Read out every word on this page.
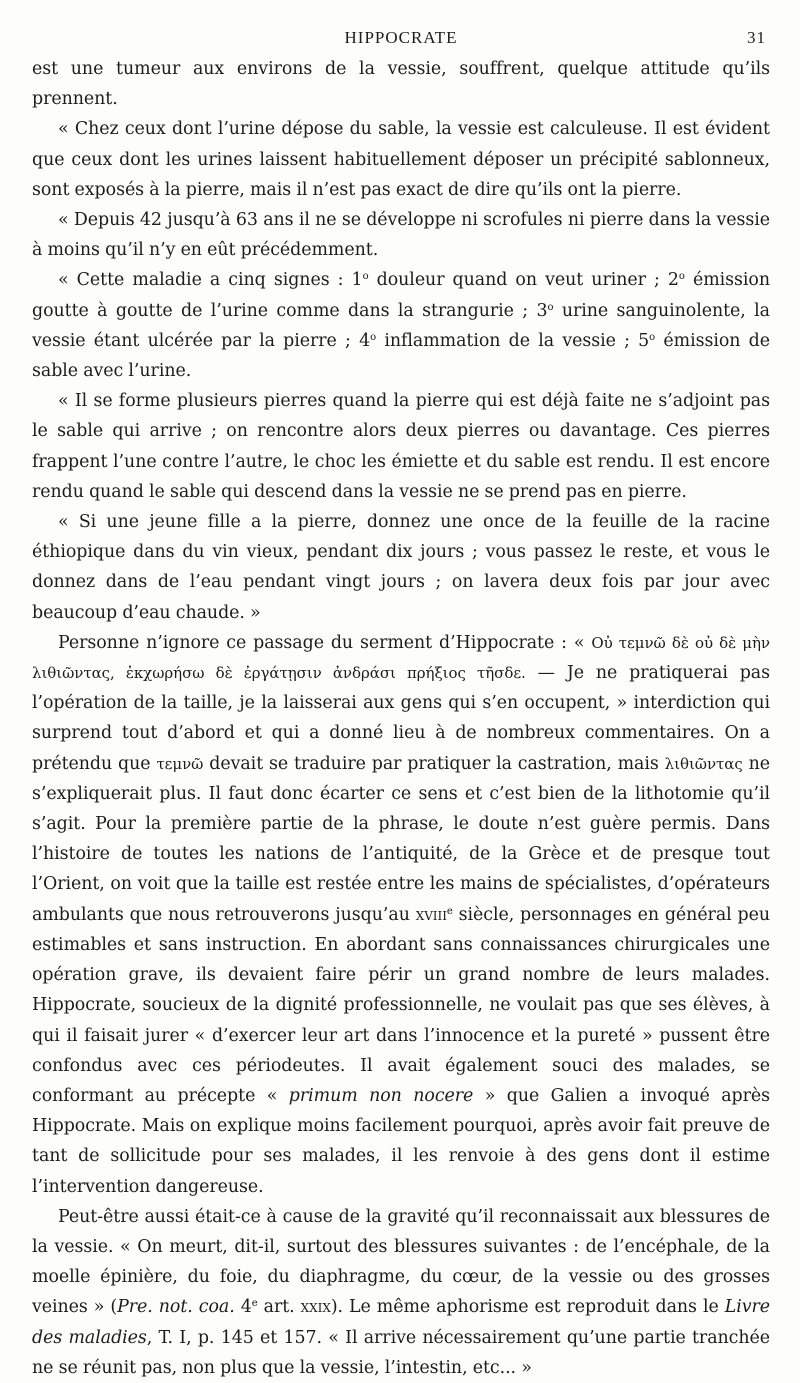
HIPPOCRATE	31

est une tumeur aux environs de la vessie, souffrent, quelque attitude qu’ils prennent.

« Chez ceux dont l’urine dépose du sable, la vessie est calculeuse. Il est évident que ceux dont les urines laissent habituellement déposer un précipité sablonneux, sont exposés à la pierre, mais il n’est pas exact de dire qu’ils ont la pierre.

« Depuis 42 jusqu’à 63 ans il ne se développe ni scrofules ni pierre dans la vessie à moins qu’il n’y en eût précédemment.

« Cette maladie a cinq signes : 1$^o$ douleur quand on veut uriner ; 2$^o$ émission goutte à goutte de l’urine comme dans la strangurie ; 3$^o$ urine sanguinolente, la vessie étant ulcérée par la pierre ; 4$^o$ inflammation de la vessie ; 5$^o$ émission de sable avec l’urine.

« Il se forme plusieurs pierres quand la pierre qui est déjà faite ne s’adjoint pas le sable qui arrive ; on rencontre alors deux pierres ou davantage. Ces pierres frappent l’une contre l’autre, le choc les émiette et du sable est rendu. Il est encore rendu quand le sable qui descend dans la vessie ne se prend pas en pierre.

« Si une jeune fille a la pierre, donnez une once de la feuille de la racine éthiopique dans du vin vieux, pendant dix jours ; vous passez le reste, et vous le donnez dans de l’eau pendant vingt jours ; on lavera deux fois par jour avec beaucoup d’eau chaude. »

Personne n’ignore ce passage du serment d’Hippocrate : « Οὐ τεμνῶ δὲ οὐ δὲ μὴν λιθιῶντας, ἐκχωρήσω δὲ ἐργάτῃσιν ἀνδράσι πρήξιος τῆσδε. — Je ne pratiquerai pas l’opération de la taille, je la laisserai aux gens qui s’en occupent, » interdiction qui surprend tout d’abord et qui a donné lieu à de nombreux commentaires. On a prétendu que τεμνῶ devait se traduire par pratiquer la castration, mais λιθιῶντας ne s’expliquerait plus. Il faut donc écarter ce sens et c’est bien de la lithotomie qu’il s’agit. Pour la première partie de la phrase, le doute n’est guère permis. Dans l’histoire de toutes les nations de l’antiquité, de la Grèce et de presque tout l’Orient, on voit que la taille est restée entre les mains de spécialistes, d’opérateurs ambulants que nous retrouverons jusqu’au xviii$^e$ siècle, personnages en général peu estimables et sans instruction. En abordant sans connaissances chirurgicales une opération grave, ils devaient faire périr un grand nombre de leurs malades. Hippocrate, soucieux de la dignité professionnelle, ne voulait pas que ses élèves, à qui il faisait jurer « d’exercer leur art dans l’innocence et la pureté » pussent être confondus avec ces périodeutes. Il avait également souci des malades, se conformant au précepte « primum non nocere » que Galien a invoqué après Hippocrate. Mais on explique moins facilement pourquoi, après avoir fait preuve de tant de sollicitude pour ses malades, il les renvoie à des gens dont il estime l’intervention dangereuse.

Peut-être aussi était-ce à cause de la gravité qu’il reconnaissait aux blessures de la vessie. « On meurt, dit-il, surtout des blessures suivantes : de l’encéphale, de la moelle épinière, du foie, du diaphragme, du cœur, de la vessie ou des grosses veines » (Pre. not. coa. 4e art. xxix). Le même aphorisme est reproduit dans le Livre des maladies, T. I, p. 145 et 157. « Il arrive nécessairement qu’une partie tranchée ne se réunit pas, non plus que la vessie, l’intestin, etc... »
